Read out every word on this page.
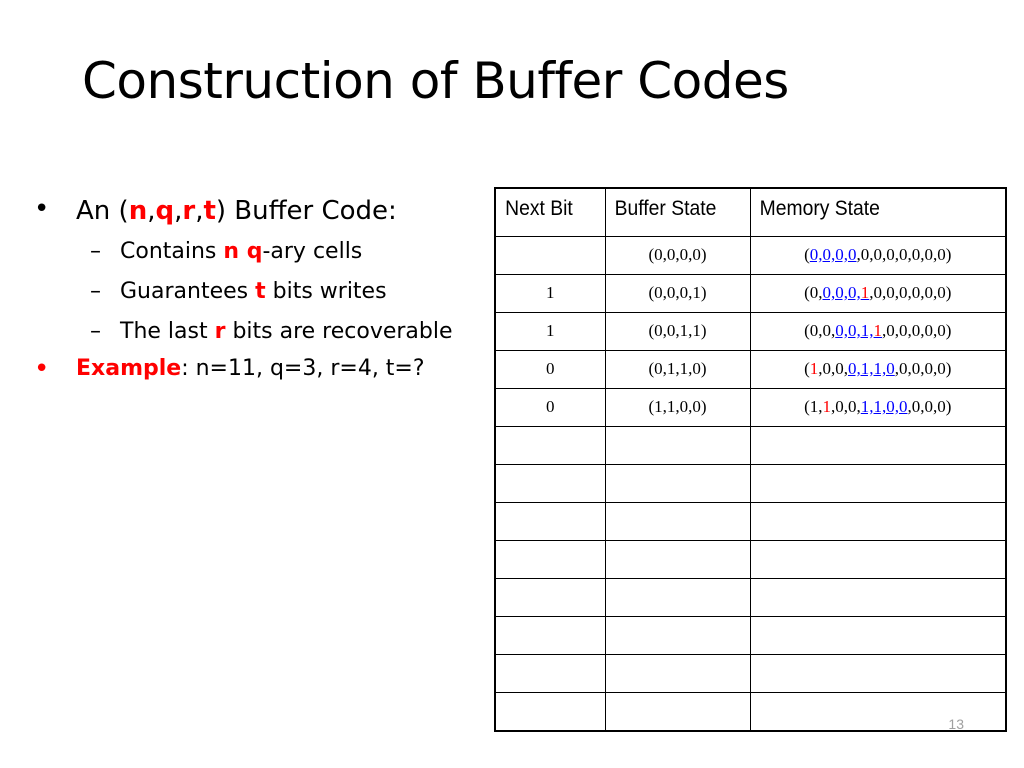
Construction of Buffer Codes
• An (n,q,r,t) Buffer Code:
– Contains n q-ary cells
– Guarantees t bits writes
– The last r bits are recoverable
• Example: n=11, q=3, r=4, t=?
Next Bit	Buffer State	Memory State
	(0,0,0,0)	(0,0,0,0,0,0,0,0,0,0,0)
1	(0,0,0,1)	(0,0,0,0,1,0,0,0,0,0,0)
1	(0,0,1,1)	(0,0,0,0,1,1,0,0,0,0,0)
0	(0,1,1,0)	(1,0,0,0,1,1,0,0,0,0,0)
0	(1,1,0,0)	(1,1,0,0,1,1,0,0,0,0,0)

13
